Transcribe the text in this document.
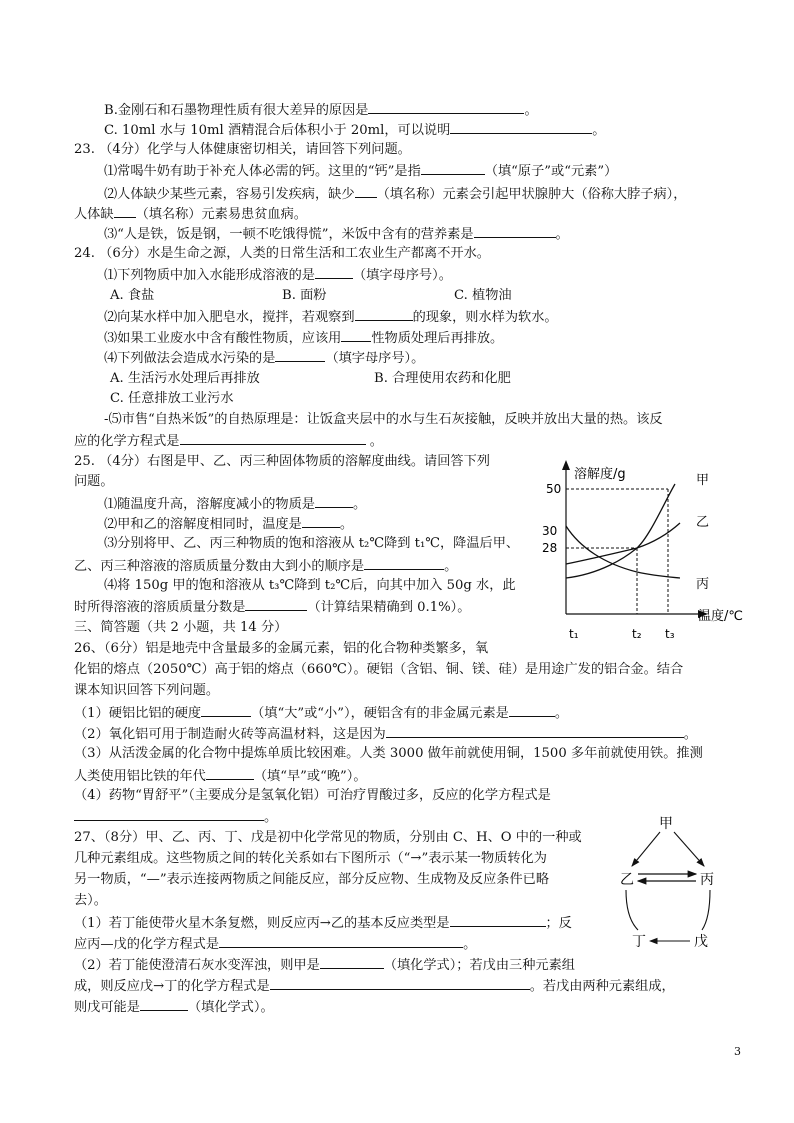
B.金刚石和石墨物理性质有很大差异的原因是	。
C. 10ml 水与 10ml 酒精混合后体积小于 20ml，可以说明	。
23. （4分）化学与人体健康密切相关，请回答下列问题。
⑴常喝牛奶有助于补充人体必需的钙。这里的“钙”是指	（填“原子”或“元素”）
⑵人体缺少某些元素，容易引发疾病，缺少 （填名称）元素会引起甲状腺肿大（俗称大脖子病），
人体缺 （填名称）元素易患贫血病。
⑶“人是铁，饭是钢，一顿不吃饿得慌”，米饭中含有的营养素是	。
24. （6分）水是生命之源，人类的日常生活和工农业生产都离不开水。
⑴下列物质中加入水能形成溶液的是	（填字母序号）。
A. 食盐	B. 面粉	C. 植物油
⑵向某水样中加入肥皂水，搅拌，若观察到	的现象，则水样为软水。
⑶如果工业废水中含有酸性物质，应该用 性物质处理后再排放。
⑷下列做法会造成水污染的是	（填字母序号）。
A. 生活污水处理后再排放	B. 合理使用农药和化肥
C. 任意排放工业污水
-⑸市售“自热米饭”的自热原理是：让饭盒夹层中的水与生石灰接触，反映并放出大量的热。该反
应的化学方程式是	。
25. （4分）右图是甲、乙、丙三种固体物质的溶解度曲线。请回答下列
问题。
⑴随温度升高，溶解度减小的物质是	。
⑵甲和乙的溶解度相同时，温度是	。
⑶分别将甲、乙、丙三种物质的饱和溶液从 t₂℃降到 t₁℃，降温后甲、
乙、丙三种溶液的溶质质量分数由大到小的顺序是	。
⑷将 150g 甲的饱和溶液从 t₃℃降到 t₂℃后，向其中加入 50g 水，此
时所得溶液的溶质质量分数是	（计算结果精确到 0.1%）。
溶解度/g
温度/℃
50
30
28
t₁	t₂ t₃
甲
乙
丙
三、简答题（共 2 小题，共 14 分）
26、（6分）铝是地壳中含量最多的金属元素，铝的化合物种类繁多，氧
化铝的熔点（2050℃）高于铝的熔点（660℃）。硬铝（含铝、铜、镁、硅）是用途广发的铝合金。结合
课本知识回答下列问题。
（1）硬铝比铝的硬度	（填“大”或“小”），硬铝含有的非金属元素是	。
（2）氧化铝可用于制造耐火砖等高温材料，这是因为	。
（3）从活泼金属的化合物中提炼单质比较困难。人类 3000 做年前就使用铜，1500 多年前就使用铁。推测
人类使用铝比铁的年代	（填“早”或“晚”）。
（4）药物“胃舒平”（主要成分是氢氧化铝）可治疗胃酸过多，反应的化学方程式是
。
27、（8分）甲、乙、丙、丁、戊是初中化学常见的物质，分别由 C、H、O 中的一种或
几种元素组成。这些物质之间的转化关系如右下图所示（“→”表示某一物质转化为
另一物质，“—”表示连接两物质之间能反应，部分反应物、生成物及反应条件已略
去）。
（1）若丁能使带火星木条复燃，则反应丙→乙的基本反应类型是	；反
应丙—戊的化学方程式是	。
（2）若丁能使澄清石灰水变浑浊，则甲是	（填化学式）；若戊由三种元素组
成，则反应戊→丁的化学方程式是	。若戊由两种元素组成，
则戊可能是	（填化学式）。
甲
乙	丙
丁	戊
3
